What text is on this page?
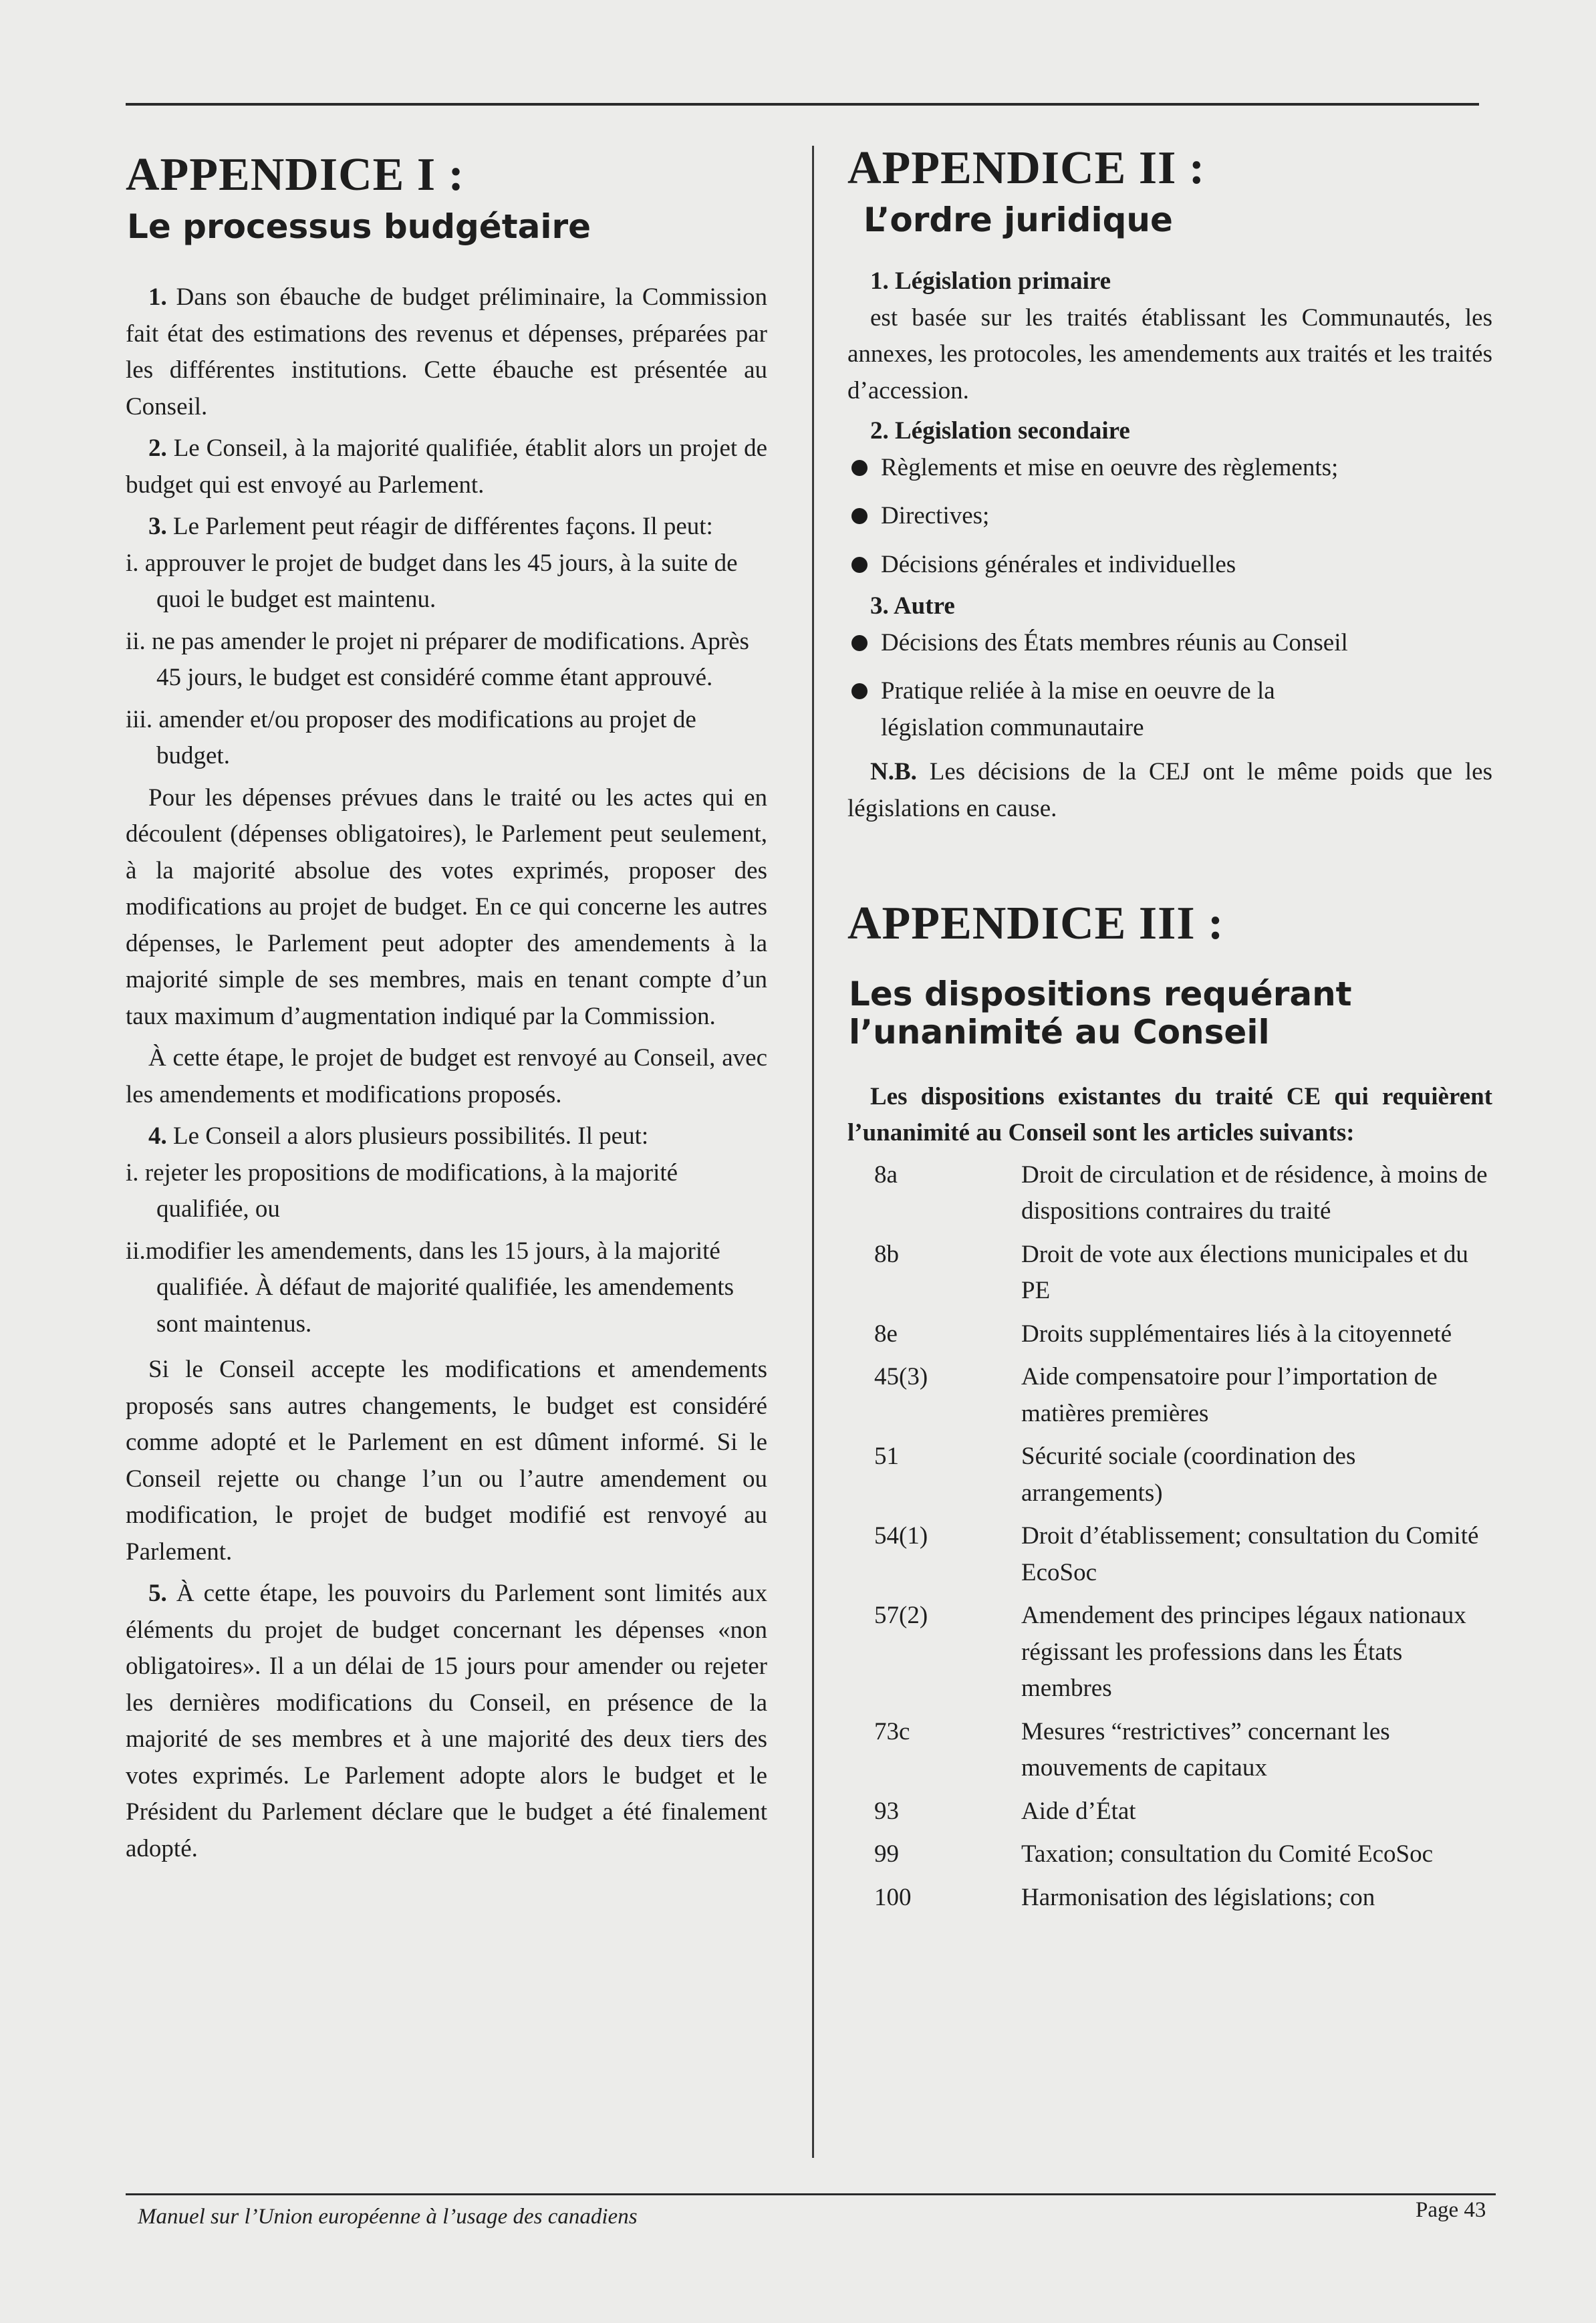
APPENDICE I :
Le processus budgétaire

1. Dans son ébauche de budget préliminaire, la Commission fait état des estimations des revenus et dépenses, préparées par les différentes institutions. Cette ébauche est présentée au Conseil.

2. Le Conseil, à la majorité qualifiée, établit alors un projet de budget qui est envoyé au Parlement.

3. Le Parlement peut réagir de différentes façons. Il peut:

i. approuver le projet de budget dans les 45 jours, à la suite de quoi le budget est maintenu.

ii. ne pas amender le projet ni préparer de modifications. Après 45 jours, le budget est considéré comme étant approuvé.

iii. amender et/ou proposer des modifications au projet de budget.

Pour les dépenses prévues dans le traité ou les actes qui en découlent (dépenses obligatoires), le Parlement peut seulement, à la majorité absolue des votes exprimés, proposer des modifications au projet de budget. En ce qui concerne les autres dépenses, le Parlement peut adopter des amendements à la majorité simple de ses membres, mais en tenant compte d’un taux maximum d’augmentation indiqué par la Commission.

À cette étape, le projet de budget est renvoyé au Conseil, avec les amendements et modifications proposés.

4. Le Conseil a alors plusieurs possibilités. Il peut:

i. rejeter les propositions de modifications, à la majorité qualifiée, ou

ii.modifier les amendements, dans les 15 jours, à la majorité qualifiée. À défaut de majorité qualifiée, les amendements sont maintenus.

Si le Conseil accepte les modifications et amendements proposés sans autres changements, le budget est considéré comme adopté et le Parlement en est dûment informé. Si le Conseil rejette ou change l’un ou l’autre amendement ou modification, le projet de budget modifié est renvoyé au Parlement.

5. À cette étape, les pouvoirs du Parlement sont limités aux éléments du projet de budget concernant les dépenses «non obligatoires». Il a un délai de 15 jours pour amender ou rejeter les dernières modifications du Conseil, en présence de la majorité de ses membres et à une majorité des deux tiers des votes exprimés. Le Parlement adopte alors le budget et le Président du Parlement déclare que le budget a été finalement adopté.

APPENDICE II :
L’ordre juridique

1. Législation primaire

est basée sur les traités établissant les Communautés, les annexes, les protocoles, les amendements aux traités et les traités d’accession.

2. Législation secondaire

Règlements et mise en oeuvre des règlements;
Directives;
Décisions générales et individuelles

3. Autre

Décisions des États membres réunis au Conseil
Pratique reliée à la mise en oeuvre de la législation communautaire

N.B. Les décisions de la CEJ ont le même poids que les législations en cause.

APPENDICE III :
Les dispositions requérant l’unanimité au Conseil

Les dispositions existantes du traité CE qui requièrent l’unanimité au Conseil sont les articles suivants:

8a	Droit de circulation et de résidence, à moins de dispositions contraires du traité
8b	Droit de vote aux élections municipales et du PE
8e	Droits supplémentaires liés à la citoyenneté
45(3)	Aide compensatoire pour l’importation de matières premières
51	Sécurité sociale (coordination des arrangements)
54(1)	Droit d’établissement; consultation du Comité EcoSoc
57(2)	Amendement des principes légaux nationaux régissant les professions dans les États membres
73c	Mesures “restrictives” concernant les mouvements de capitaux
93	Aide d’État
99	Taxation; consultation du Comité EcoSoc
100	Harmonisation des législations; con
Manuel sur l’Union européenne à l’usage des canadiens	Page 43
